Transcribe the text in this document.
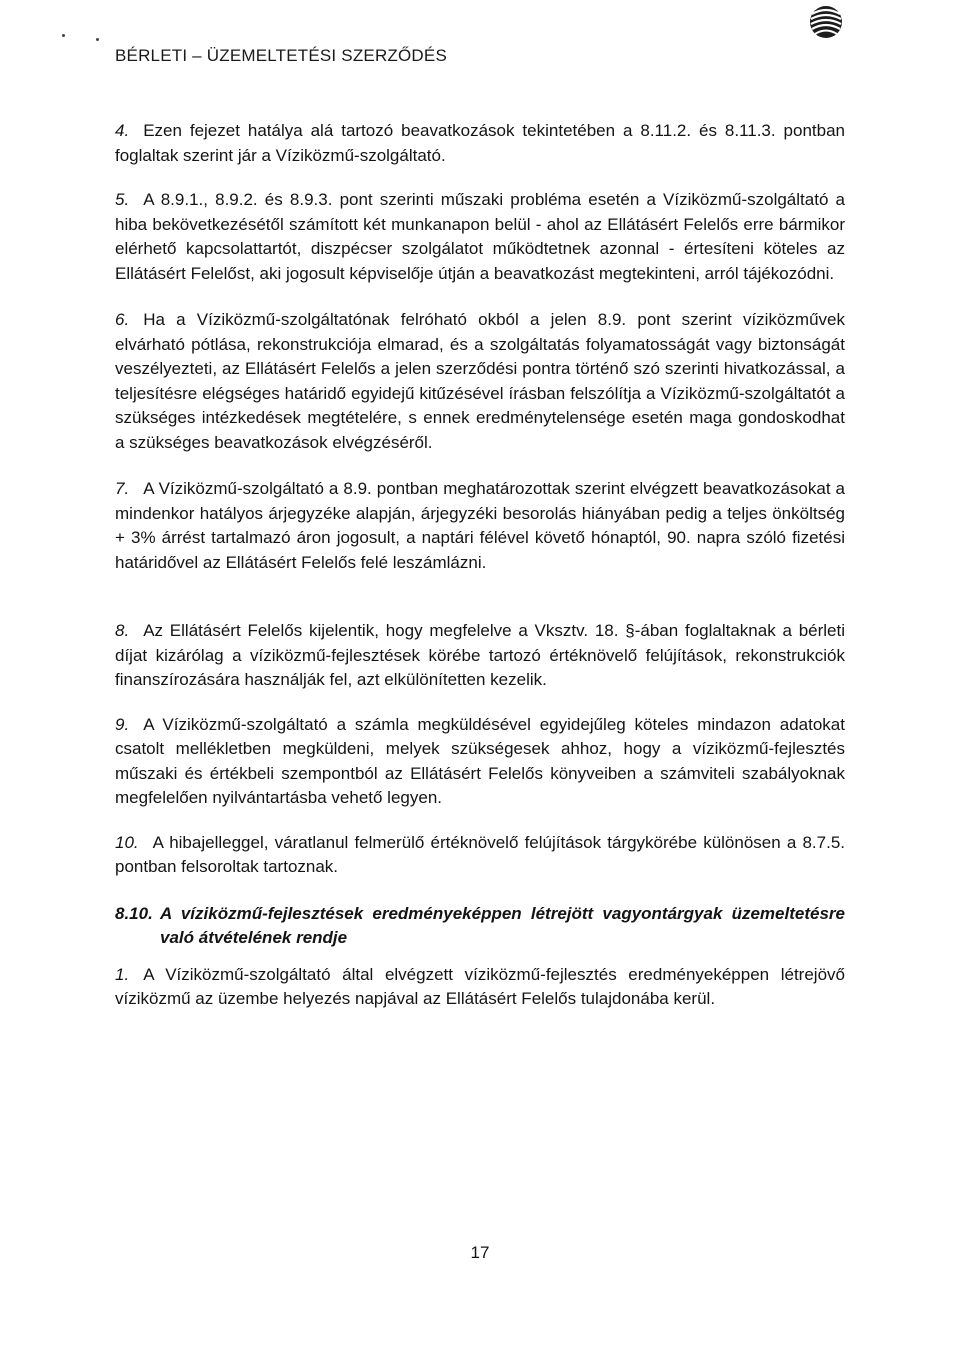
BÉRLETI – ÜZEMELTETÉSI SZERZŐDÉS

4. Ezen fejezet hatálya alá tartozó beavatkozások tekintetében a 8.11.2. és 8.11.3. pontban foglaltak szerint jár a Víziközmű-szolgáltató.

5. A 8.9.1., 8.9.2. és 8.9.3. pont szerinti műszaki probléma esetén a Víziközmű-szolgáltató a hiba bekövetkezésétől számított két munkanapon belül - ahol az Ellátásért Felelős erre bármikor elérhető kapcsolattartót, diszpécser szolgálatot működtetnek azonnal - értesíteni köteles az Ellátásért Felelőst, aki jogosult képviselője útján a beavatkozást megtekinteni, arról tájékozódni.

6. Ha a Víziközmű-szolgáltatónak felróható okból a jelen 8.9. pont szerint víziközművek elvárható pótlása, rekonstrukciója elmarad, és a szolgáltatás folyamatosságát vagy biztonságát veszélyezteti, az Ellátásért Felelős a jelen szerződési pontra történő szó szerinti hivatkozással, a teljesítésre elégséges határidő egyidejű kitűzésével írásban felszólítja a Víziközmű-szolgáltatót a szükséges intézkedések megtételére, s ennek eredménytelensége esetén maga gondoskodhat a szükséges beavatkozások elvégzéséről.

7. A Víziközmű-szolgáltató a 8.9. pontban meghatározottak szerint elvégzett beavatkozásokat a mindenkor hatályos árjegyzéke alapján, árjegyzéki besorolás hiányában pedig a teljes önköltség + 3% árrést tartalmazó áron jogosult, a naptári félével követő hónaptól, 90. napra szóló fizetési határidővel az Ellátásért Felelős felé leszámlázni.

8. Az Ellátásért Felelős kijelentik, hogy megfelelve a Vksztv. 18. §-ában foglaltaknak a bérleti díjat kizárólag a víziközmű-fejlesztések körébe tartozó értéknövelő felújítások, rekonstrukciók finanszírozására használják fel, azt elkülönítetten kezelik.

9. A Víziközmű-szolgáltató a számla megküldésével egyidejűleg köteles mindazon adatokat csatolt mellékletben megküldeni, melyek szükségesek ahhoz, hogy a víziközmű-fejlesztés műszaki és értékbeli szempontból az Ellátásért Felelős könyveiben a számviteli szabályoknak megfelelően nyilvántartásba vehető legyen.

10. A hibajelleggel, váratlanul felmerülő értéknövelő felújítások tárgykörébe különösen a 8.7.5. pontban felsoroltak tartoznak.

8.10. A víziközmű-fejlesztések eredményeképpen létrejött vagyontárgyak üzemeltetésre való átvételének rendje

1. A Víziközmű-szolgáltató által elvégzett víziközmű-fejlesztés eredményeképpen létrejövő víziközmű az üzembe helyezés napjával az Ellátásért Felelős tulajdonába kerül.

17
